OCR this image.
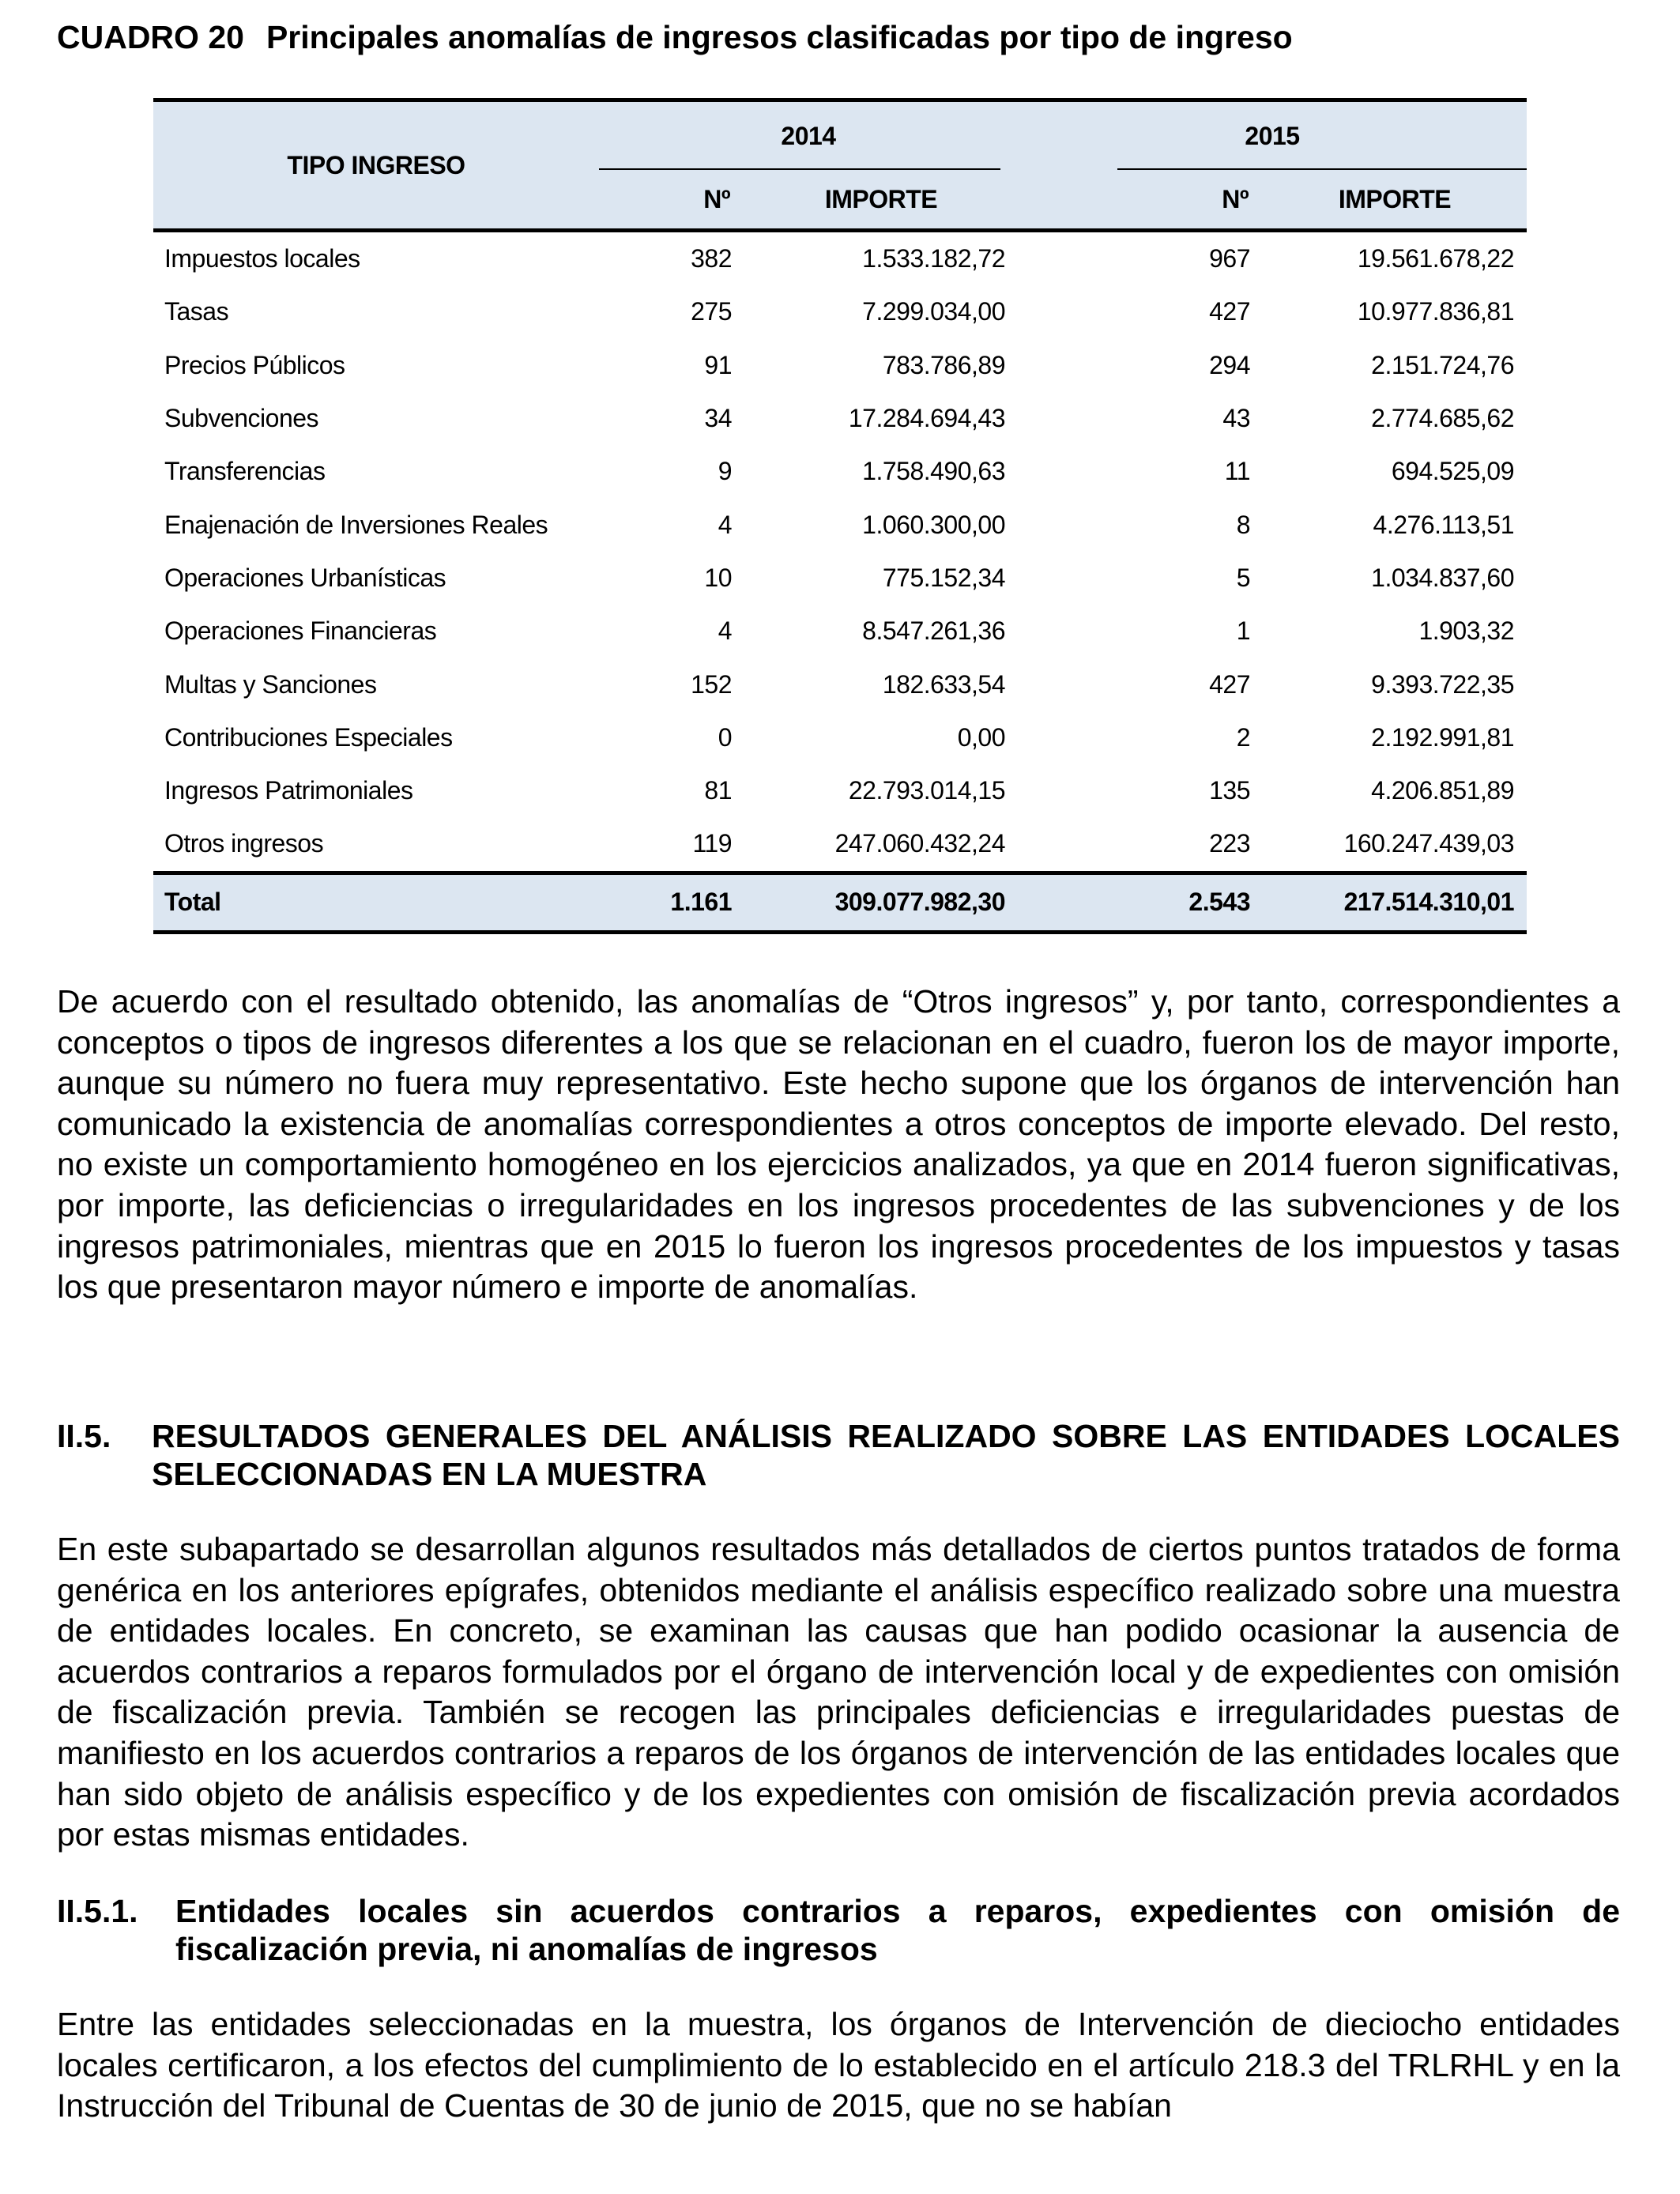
CUADRO 20 Principales anomalías de ingresos clasificadas por tipo de ingreso
TIPO INGRESO	2014		2015	

	Nº	IMPORTE	Nº	IMPORTE
Impuestos locales	382	1.533.182,72	967	19.561.678,22
Tasas	275	7.299.034,00	427	10.977.836,81
Precios Públicos	91	783.786,89	294	2.151.724,76
Subvenciones	34	17.284.694,43	43	2.774.685,62
Transferencias	9	1.758.490,63	11	694.525,09
Enajenación de Inversiones Reales	4	1.060.300,00	8	4.276.113,51
Operaciones Urbanísticas	10	775.152,34	5	1.034.837,60
Operaciones Financieras	4	8.547.261,36	1	1.903,32
Multas y Sanciones	152	182.633,54	427	9.393.722,35
Contribuciones Especiales	0	0,00	2	2.192.991,81
Ingresos Patrimoniales	81	22.793.014,15	135	4.206.851,89
Otros ingresos	119	247.060.432,24	223	160.247.439,03
Total	1.161	309.077.982,30	2.543	217.514.310,01
De acuerdo con el resultado obtenido, las anomalías de “Otros ingresos” y, por tanto, correspondientes a conceptos o tipos de ingresos diferentes a los que se relacionan en el cuadro, fueron los de mayor importe, aunque su número no fuera muy representativo. Este hecho supone que los órganos de intervención han comunicado la existencia de anomalías correspondientes a otros conceptos de importe elevado. Del resto, no existe un comportamiento homogéneo en los ejercicios analizados, ya que en 2014 fueron significativas, por importe, las deficiencias o irregularidades en los ingresos procedentes de las subvenciones y de los ingresos patrimoniales, mientras que en 2015 lo fueron los ingresos procedentes de los impuestos y tasas los que presentaron mayor número e importe de anomalías.
II.5. RESULTADOS GENERALES DEL ANÁLISIS REALIZADO SOBRE LAS ENTIDADES LOCALES SELECCIONADAS EN LA MUESTRA
En este subapartado se desarrollan algunos resultados más detallados de ciertos puntos tratados de forma genérica en los anteriores epígrafes, obtenidos mediante el análisis específico realizado sobre una muestra de entidades locales. En concreto, se examinan las causas que han podido ocasionar la ausencia de acuerdos contrarios a reparos formulados por el órgano de intervención local y de expedientes con omisión de fiscalización previa. También se recogen las principales deficiencias e irregularidades puestas de manifiesto en los acuerdos contrarios a reparos de los órganos de intervención de las entidades locales que han sido objeto de análisis específico y de los expedientes con omisión de fiscalización previa acordados por estas mismas entidades.
II.5.1. Entidades locales sin acuerdos contrarios a reparos, expedientes con omisión de fiscalización previa, ni anomalías de ingresos
Entre las entidades seleccionadas en la muestra, los órganos de Intervención de dieciocho entidades locales certificaron, a los efectos del cumplimiento de lo establecido en el artículo 218.3 del TRLRHL y en la Instrucción del Tribunal de Cuentas de 30 de junio de 2015, que no se habían
